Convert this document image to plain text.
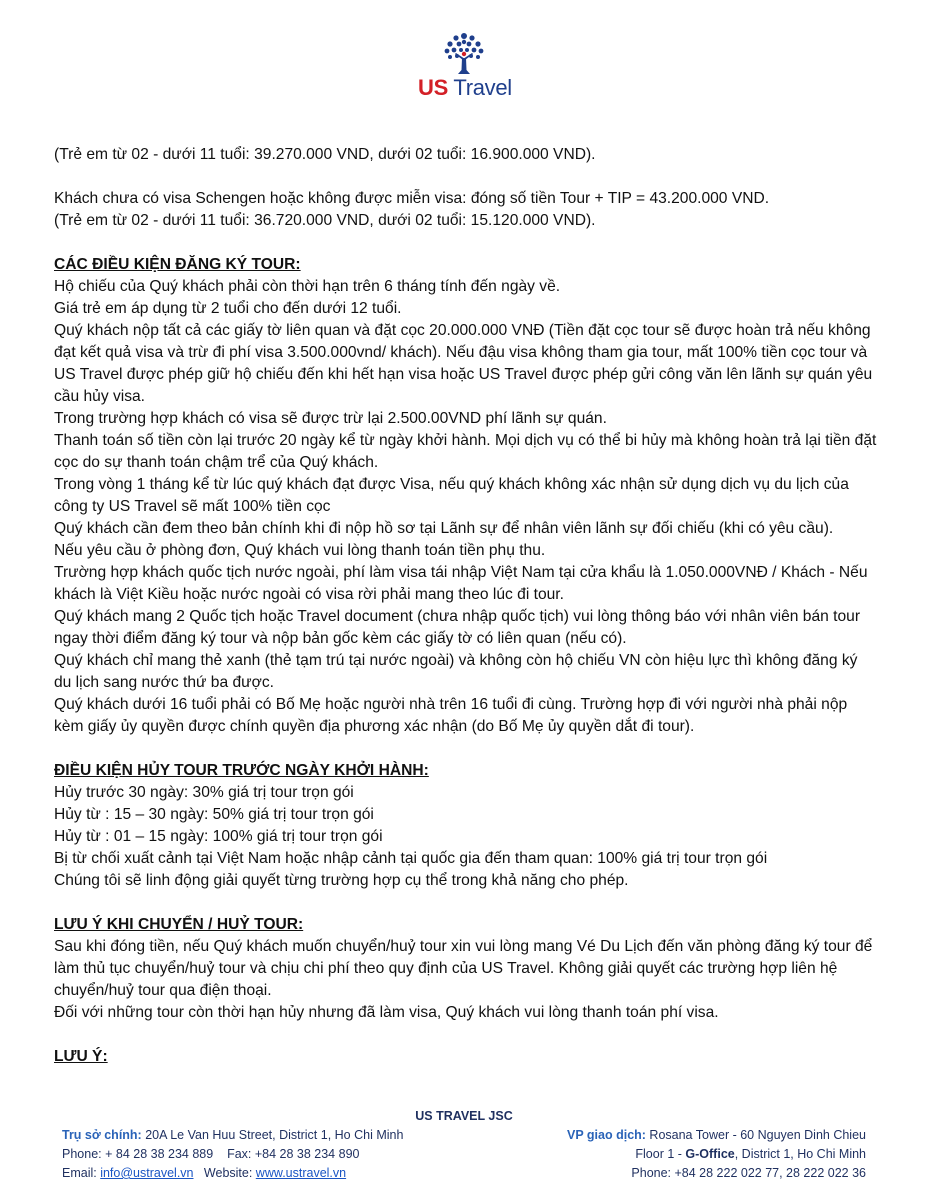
US Travel

(Trẻ em từ 02 - dưới 11 tuổi: 39.270.000 VND, dưới 02 tuổi: 16.900.000 VND).

Khách chưa có visa Schengen hoặc không được miễn visa: đóng số tiền Tour + TIP = 43.200.000 VND.

(Trẻ em từ 02 - dưới 11 tuổi: 36.720.000 VND, dưới 02 tuổi: 15.120.000 VND).

CÁC ĐIỀU KIỆN ĐĂNG KÝ TOUR:

Hộ chiếu của Quý khách phải còn thời hạn trên 6 tháng tính đến ngày về.

Giá trẻ em áp dụng từ 2 tuổi cho đến dưới 12 tuổi.

Quý khách nộp tất cả các giấy tờ liên quan và đặt cọc 20.000.000 VNĐ (Tiền đặt cọc tour sẽ được hoàn trả nếu không đạt kết quả visa và trừ đi phí visa 3.500.000vnd/ khách). Nếu đậu visa không tham gia tour, mất 100% tiền cọc tour và US Travel được phép giữ hộ chiếu đến khi hết hạn visa hoặc US Travel được phép gửi công văn lên lãnh sự quán yêu cầu hủy visa.

Trong trường hợp khách có visa sẽ được trừ lại 2.500.00VND phí lãnh sự quán.

Thanh toán số tiền còn lại trước 20 ngày kể từ ngày khởi hành. Mọi dịch vụ có thể bi hủy mà không hoàn trả lại tiền đặt cọc do sự thanh toán chậm trể của Quý khách.

Trong vòng 1 tháng kể từ lúc quý khách đạt được Visa, nếu quý khách không xác nhận sử dụng dịch vụ du lịch của công ty US Travel sẽ mất 100% tiền cọc

Quý khách cần đem theo bản chính khi đi nộp hồ sơ tại Lãnh sự để nhân viên lãnh sự đối chiếu (khi có yêu cầu).

Nếu yêu cầu ở phòng đơn, Quý khách vui lòng thanh toán tiền phụ thu.

Trường hợp khách quốc tịch nước ngoài, phí làm visa tái nhập Việt Nam tại cửa khẩu là 1.050.000VNĐ / Khách - Nếu khách là Việt Kiều hoặc nước ngoài có visa rời phải mang theo lúc đi tour.

Quý khách mang 2 Quốc tịch hoặc Travel document (chưa nhập quốc tịch) vui lòng thông báo với nhân viên bán tour ngay thời điểm đăng ký tour và nộp bản gốc kèm các giấy tờ có liên quan (nếu có).

Quý khách chỉ mang thẻ xanh (thẻ tạm trú tại nước ngoài) và không còn hộ chiếu VN còn hiệu lực thì không đăng ký du lịch sang nước thứ ba được.

Quý khách dưới 16 tuổi phải có Bố Mẹ hoặc người nhà trên 16 tuổi đi cùng. Trường hợp đi với người nhà phải nộp kèm giấy ủy quyền được chính quyền địa phương xác nhận (do Bố Mẹ ủy quyền dắt đi tour).

ĐIỀU KIỆN HỦY TOUR TRƯỚC NGÀY KHỞI HÀNH:

Hủy trước 30 ngày: 30% giá trị tour trọn gói

Hủy từ : 15 – 30 ngày: 50% giá trị tour trọn gói

Hủy từ : 01 – 15 ngày: 100% giá trị tour trọn gói

Bị từ chối xuất cảnh tại Việt Nam hoặc nhập cảnh tại quốc gia đến tham quan: 100% giá trị tour trọn gói

Chúng tôi sẽ linh động giải quyết từng trường hợp cụ thể trong khả năng cho phép.

LƯU Ý KHI CHUYỂN / HUỶ TOUR:

Sau khi đóng tiền, nếu Quý khách muốn chuyển/huỷ tour xin vui lòng mang Vé Du Lịch đến văn phòng đăng ký tour để làm thủ tục chuyển/huỷ tour và chịu chi phí theo quy định của US Travel. Không giải quyết các trường hợp liên hệ chuyển/huỷ tour qua điện thoại.

Đối với những tour còn thời hạn hủy nhưng đã làm visa, Quý khách vui lòng thanh toán phí visa.

LƯU Ý:

US TRAVEL JSC
Trụ sở chính: 20A Le Van Huu Street, District 1, Ho Chi Minh
Phone: + 84 28 38 234 889    Fax: +84 28 38 234 890
Email: info@ustravel.vn   Website: www.ustravel.vn
VP giao dịch: Rosana Tower - 60 Nguyen Dinh Chieu
Floor 1 - G-Office, District 1, Ho Chi Minh
Phone: +84 28 222 022 77, 28 222 022 36
